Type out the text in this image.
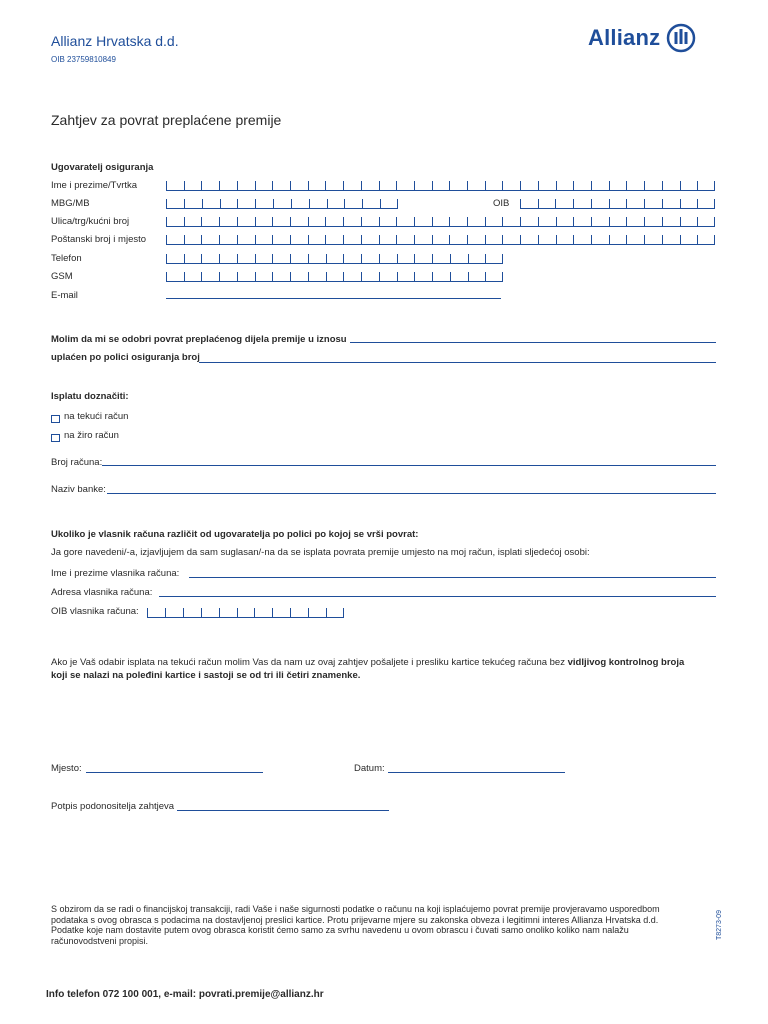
Allianz Hrvatska d.d.
OIB 23759810849
Allianz
Zahtjev za povrat preplaćene premije
Ugovaratelj osiguranja
Ime i prezime/Tvrtka
MBG/MB	OIB
Ulica/trg/kućni broj
Poštanski broj i mjesto
Telefon
GSM
E-mail
Molim da mi se odobri povrat preplaćenog dijela premije u iznosu
uplaćen po polici osiguranja broj
Isplatu doznačiti:
na tekući račun
na žiro račun
Broj računa:
Naziv banke:
Ukoliko je vlasnik računa različit od ugovaratelja po polici po kojoj se vrši povrat:
Ja gore navedeni/-a, izjavljujem da sam suglasan/-na da se isplata povrata premije umjesto na moj račun, isplati sljedećoj osobi:
Ime i prezime vlasnika računa:
Adresa vlasnika računa:
OIB vlasnika računa:
Ako je Vaš odabir isplata na tekući račun molim Vas da nam uz ovaj zahtjev pošaljete i presliku kartice tekućeg računa bez vidljivog kontrolnog broja
koji se nalazi na poleđini kartice i sastoji se od tri ili četiri znamenke.
Mjesto:	Datum:
Potpis podonositelja zahtjeva
S obzirom da se radi o financijskoj transakciji, radi Vaše i naše sigurnosti podatke o računu na koji isplaćujemo povrat premije provjeravamo usporedbom podataka s ovog obrasca s podacima na dostavljenoj preslici kartice. Protu prijevarne mjere su zakonska obveza i legitimni interes Allianza Hrvatska d.d. Podatke koje nam dostavite putem ovog obrasca koristit ćemo samo za svrhu navedenu u ovom obrascu i čuvati samo onoliko koliko nam nalažu računovodstveni propisi.
T8273-09
Info telefon 072 100 001, e-mail: povrati.premije@allianz.hr
